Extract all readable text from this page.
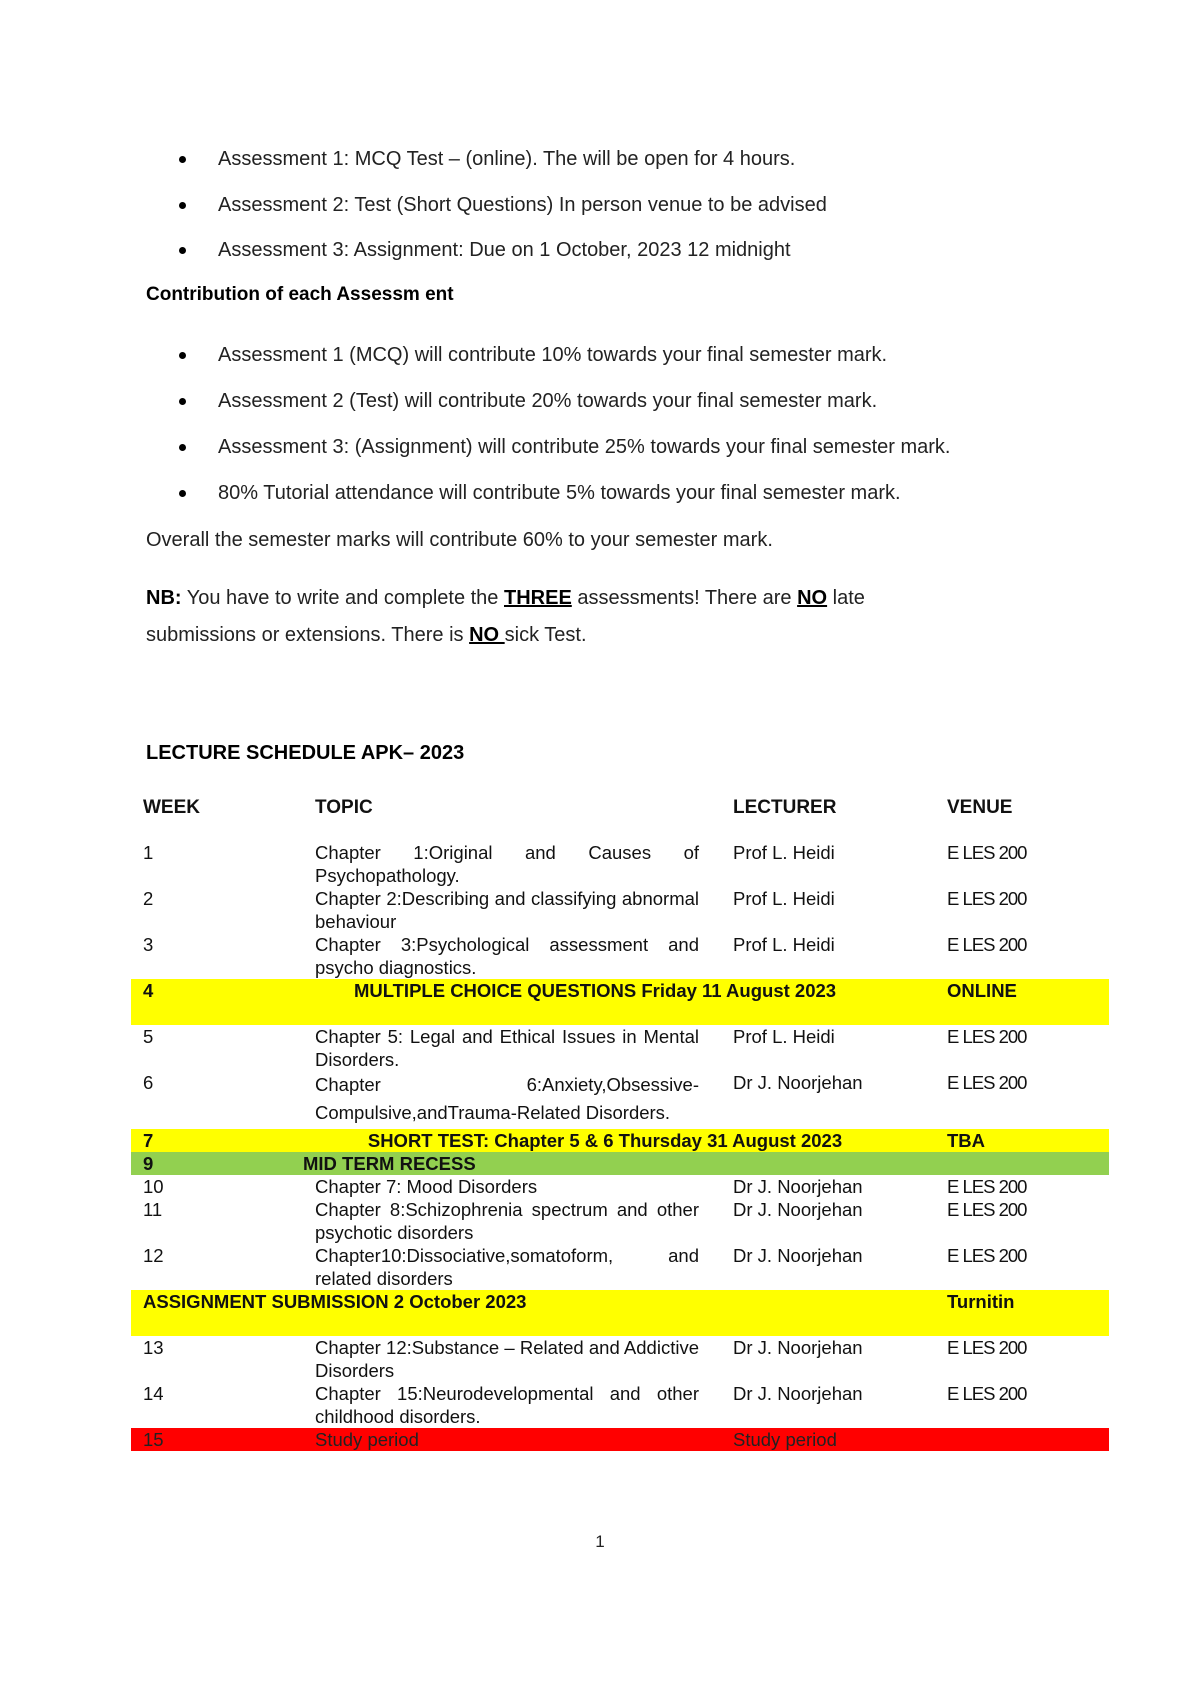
Assessment 1: MCQ Test – (online). The will be open for 4 hours.
Assessment 2: Test (Short Questions) In person venue to be advised
Assessment 3: Assignment: Due on 1 October, 2023 12 midnight
Contribution of each Assessm ent
Assessment 1 (MCQ) will contribute 10% towards your final semester mark.
Assessment 2 (Test) will contribute 20% towards your final semester mark.
Assessment 3: (Assignment) will contribute 25% towards your final semester mark.
80% Tutorial attendance will contribute 5% towards your final semester mark.
Overall the semester marks will contribute 60% to your semester mark.
NB: You have to write and complete the THREE assessments! There are NO late
submissions or extensions. There is NO sick Test.
LECTURE SCHEDULE APK– 2023
WEEK	TOPIC	LECTURER	VENUE
1	Chapter 1:Original and Causes of Psychopathology.	Prof L. Heidi	E LES 200
2	Chapter 2:Describing and classifying abnormal behaviour	Prof L. Heidi	E LES 200
3	Chapter 3:Psychological assessment and psycho diagnostics.	Prof L. Heidi	E LES 200
4	MULTIPLE CHOICE QUESTIONS Friday 11 August 2023		ONLINE
5	Chapter 5: Legal and Ethical Issues in Mental Disorders.	Prof L. Heidi	E LES 200
6	Chapter 6:Anxiety,Obsessive-Compulsive,andTrauma-Related Disorders.	Dr J. Noorjehan	E LES 200
7	SHORT TEST: Chapter 5 & 6 Thursday 31 August 2023		TBA
9	MID TERM RECESS		
10	Chapter 7: Mood Disorders	Dr J. Noorjehan	E LES 200
11	Chapter 8:Schizophrenia spectrum and other psychotic disorders	Dr J. Noorjehan	E LES 200
12	Chapter10:Dissociative,somatoform, and related disorders	Dr J. Noorjehan	E LES 200
ASSIGNMENT SUBMISSION 2 October 2023			Turnitin
13	Chapter 12:Substance – Related and Addictive Disorders	Dr J. Noorjehan	E LES 200
14	Chapter 15:Neurodevelopmental and other childhood disorders.	Dr J. Noorjehan	E LES 200
15	Study period	Study period	
1
